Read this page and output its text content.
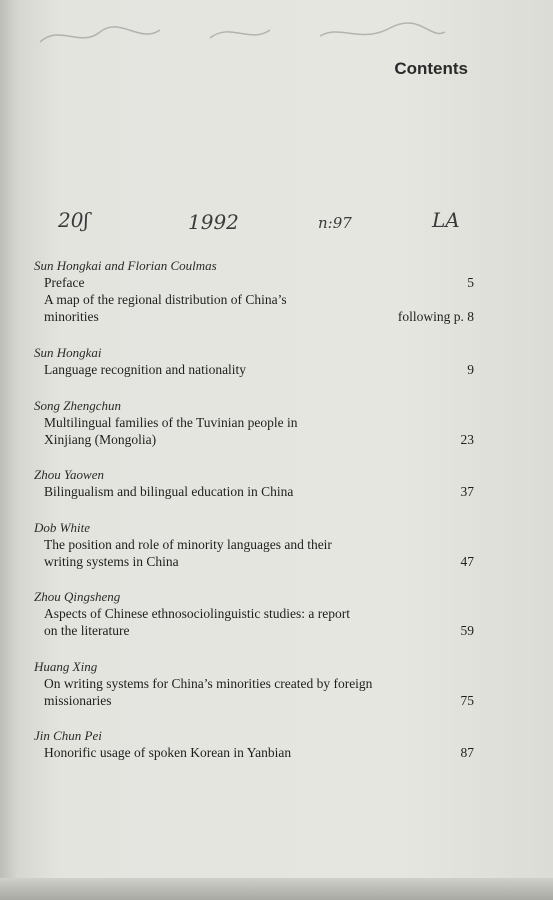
Contents
20ʃ	1992	n:97	LA
Sun Hongkai and Florian Coulmas
Preface	5
A map of the regional distribution of China’s minorities	following p. 8
Sun Hongkai
Language recognition and nationality	9
Song Zhengchun
Multilingual families of the Tuvinian people in Xinjiang (Mongolia)	23
Zhou Yaowen
Bilingualism and bilingual education in China	37
Dob White
The position and role of minority languages and their writing systems in China	47
Zhou Qingsheng
Aspects of Chinese ethnosociolinguistic studies: a report on the literature	59
Huang Xing
On writing systems for China’s minorities created by foreign missionaries	75
Jin Chun Pei
Honorific usage of spoken Korean in Yanbian	87
